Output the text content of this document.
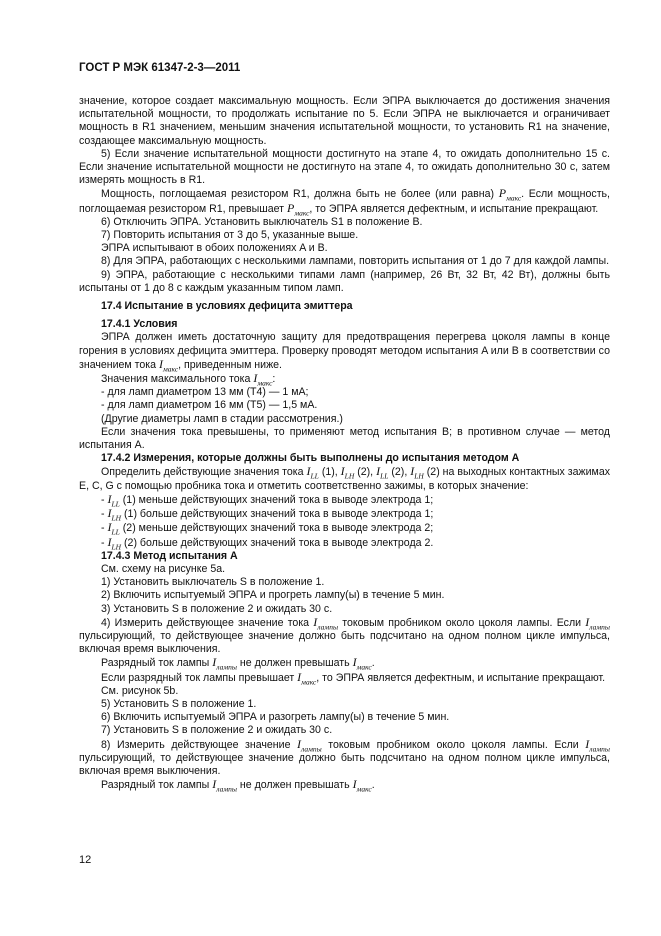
ГОСТ Р МЭК 61347-2-3—2011

значение, которое создает максимальную мощность. Если ЭПРА выключается до достижения значения испытательной мощности, то продолжать испытание по 5. Если ЭПРА не выключается и ограничивает мощность в R1 значением, меньшим значения испытательной мощности, то установить R1 на значение, создающее максимальную мощность.

5) Если значение испытательной мощности достигнуто на этапе 4, то ожидать дополнительно 15 с. Если значение испытательной мощности не достигнуто на этапе 4, то ожидать дополнительно 30 с, затем измерять мощность в R1.

Мощность, поглощаемая резистором R1, должна быть не более (или равна) $P_{макс}$. Если мощность, поглощаемая резистором R1, превышает $P_{макс}$, то ЭПРА является дефектным, и испытание прекращают.

6) Отключить ЭПРА. Установить выключатель S1 в положение B.

7) Повторить испытания от 3 до 5, указанные выше.

ЭПРА испытывают в обоих положениях A и B.

8) Для ЭПРА, работающих с несколькими лампами, повторить испытания от 1 до 7 для каждой лампы.

9) ЭПРА, работающие с несколькими типами ламп (например, 26 Вт, 32 Вт, 42 Вт), должны быть испытаны от 1 до 8 с каждым указанным типом ламп.

17.4 Испытание в условиях дефицита эмиттера

17.4.1 Условия

ЭПРА должен иметь достаточную защиту для предотвращения перегрева цоколя лампы в конце горения в условиях дефицита эмиттера. Проверку проводят методом испытания A или B в соответствии со значением тока $I_{макс}$, приведенным ниже.

Значения максимального тока $I_{макс}$:

- для ламп диаметром 13 мм (T4) — 1 мА;

- для ламп диаметром 16 мм (T5) — 1,5 мА.

(Другие диаметры ламп в стадии рассмотрения.)

Если значения тока превышены, то применяют метод испытания B; в противном случае — метод испытания A.

17.4.2 Измерения, которые должны быть выполнены до испытания методом A

Определить действующие значения тока $I_{LL}$ (1), $I_{LH}$ (2), $I_{LL}$ (2), $I_{LH}$ (2) на выходных контактных зажимах E, C, G с помощью пробника тока и отметить соответственно зажимы, в которых значение:

- $I_{LL}$ (1) меньше действующих значений тока в выводе электрода 1;

- $I_{LH}$ (1) больше действующих значений тока в выводе электрода 1;

- $I_{LL}$ (2) меньше действующих значений тока в выводе электрода 2;

- $I_{LH}$ (2) больше действующих значений тока в выводе электрода 2.

17.4.3 Метод испытания A

См. схему на рисунке 5a.

1) Установить выключатель S в положение 1.

2) Включить испытуемый ЭПРА и прогреть лампу(ы) в течение 5 мин.

3) Установить S в положение 2 и ожидать 30 с.

4) Измерить действующее значение тока $I_{лампы}$ токовым пробником около цоколя лампы. Если $I_{лампы}$ пульсирующий, то действующее значение должно быть подсчитано на одном полном цикле импульса, включая время выключения.

Разрядный ток лампы $I_{лампы}$ не должен превышать $I_{макс}$.

Если разрядный ток лампы превышает $I_{макс}$, то ЭПРА является дефектным, и испытание прекращают.

См. рисунок 5b.

5) Установить S в положение 1.

6) Включить испытуемый ЭПРА и разогреть лампу(ы) в течение 5 мин.

7) Установить S в положение 2 и ожидать 30 с.

8) Измерить действующее значение $I_{лампы}$ токовым пробником около цоколя лампы. Если $I_{лампы}$ пульсирующий, то действующее значение должно быть подсчитано на одном полном цикле импульса, включая время выключения.

Разрядный ток лампы $I_{лампы}$ не должен превышать $I_{макс}$.

12
